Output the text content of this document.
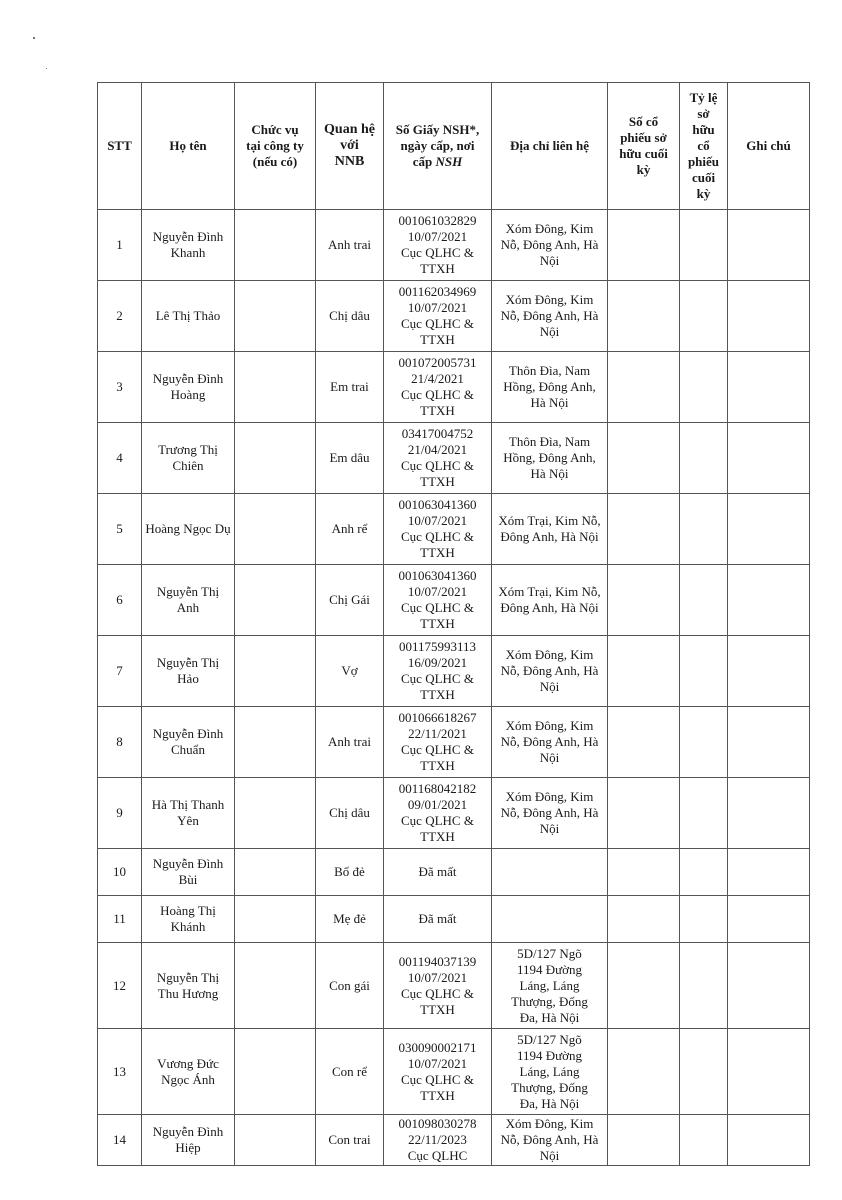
STT	Họ tên	Chức vụ tại công ty (nếu có)	Quan hệ với NNB	Số Giấy NSH*, ngày cấp, nơi cấp NSH	Địa chỉ liên hệ	Số cổ phiếu sở hữu cuối kỳ	Tỷ lệ sở hữu cổ phiếu cuối kỳ	Ghi chú
1	Nguyễn Đình Khanh		Anh trai	001061032829
10/07/2021
Cục QLHC &
TTXH	Xóm Đông, Kim Nỗ, Đông Anh, Hà Nội			
2	Lê Thị Thảo		Chị dâu	001162034969
10/07/2021
Cục QLHC &
TTXH	Xóm Đông, Kim Nỗ, Đông Anh, Hà Nội			
3	Nguyễn Đình Hoàng		Em trai	001072005731
21/4/2021
Cục QLHC &
TTXH	Thôn Đìa, Nam Hồng, Đông Anh, Hà Nội			
4	Trương Thị Chiên		Em dâu	03417004752
21/04/2021
Cục QLHC &
TTXH	Thôn Đìa, Nam Hồng, Đông Anh, Hà Nội			
5	Hoàng Ngọc Dụ		Anh rể	001063041360
10/07/2021
Cục QLHC &
TTXH	Xóm Trại, Kim Nỗ, Đông Anh, Hà Nội			
6	Nguyễn Thị Anh		Chị Gái	001063041360
10/07/2021
Cục QLHC &
TTXH	Xóm Trại, Kim Nỗ, Đông Anh, Hà Nội			
7	Nguyễn Thị Hảo		Vợ	001175993113
16/09/2021
Cục QLHC &
TTXH	Xóm Đông, Kim Nỗ, Đông Anh, Hà Nội			
8	Nguyễn Đình Chuẩn		Anh trai	001066618267
22/11/2021
Cục QLHC &
TTXH	Xóm Đông, Kim Nỗ, Đông Anh, Hà Nội			
9	Hà Thị Thanh Yên		Chị dâu	001168042182
09/01/2021
Cục QLHC &
TTXH	Xóm Đông, Kim Nỗ, Đông Anh, Hà Nội			
10	Nguyễn Đình Bùi		Bố đẻ	Đã mất				
11	Hoàng Thị Khánh		Mẹ đẻ	Đã mất				
12	Nguyễn Thị Thu Hương		Con gái	001194037139
10/07/2021
Cục QLHC &
TTXH	5D/127 Ngõ 1194 Đường Láng, Láng Thượng, Đống Đa, Hà Nội			
13	Vương Đức Ngọc Ánh		Con rể	030090002171
10/07/2021
Cục QLHC &
TTXH	5D/127 Ngõ 1194 Đường Láng, Láng Thượng, Đống Đa, Hà Nội			
14	Nguyễn Đình Hiệp		Con trai	001098030278
22/11/2023
Cục QLHC	Xóm Đông, Kim Nỗ, Đông Anh, Hà Nội			
